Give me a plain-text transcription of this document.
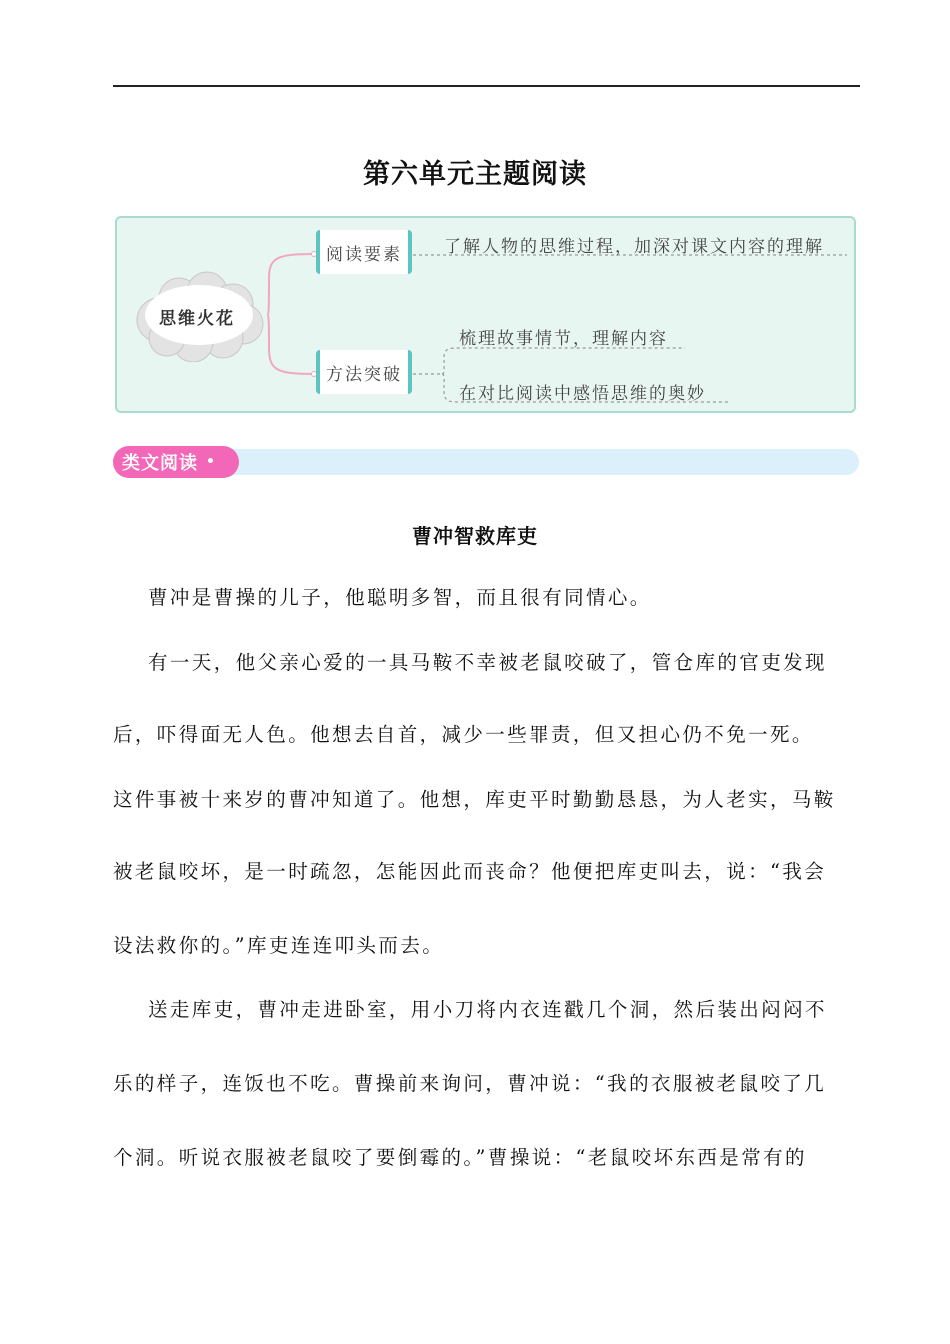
第六单元主题阅读
思维火花
阅读要素
方法突破
了解人物的思维过程，加深对课文内容的理解
梳理故事情节，理解内容
在对比阅读中感悟思维的奥妙
类文阅读 •
曹冲智救库吏
曹冲是曹操的儿子，他聪明多智，而且很有同情心。
有一天，他父亲心爱的一具马鞍不幸被老鼠咬破了，管仓库的官吏发现
后，吓得面无人色。他想去自首，减少一些罪责，但又担心仍不免一死。
这件事被十来岁的曹冲知道了。他想，库吏平时勤勤恳恳，为人老实，马鞍
被老鼠咬坏，是一时疏忽，怎能因此而丧命？他便把库吏叫去，说：“我会
设法救你的。”库吏连连叩头而去。
送走库吏，曹冲走进卧室，用小刀将内衣连戳几个洞，然后装出闷闷不
乐的样子，连饭也不吃。曹操前来询问，曹冲说：“我的衣服被老鼠咬了几
个洞。听说衣服被老鼠咬了要倒霉的。”曹操说：“老鼠咬坏东西是常有的
